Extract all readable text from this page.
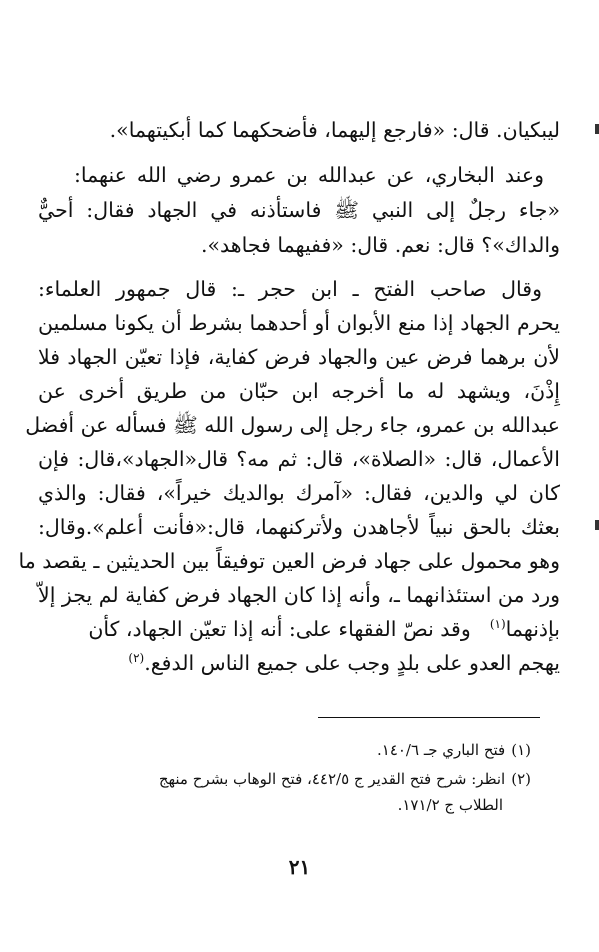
ليبكيان. قال: «فارجع إليهما، فأضحكهما كما أبكيتهما».
وعند البخاري، عن عبدالله بن عمرو رضي الله عنهما:
«جاء رجلٌ إلى النبي ﷺ فاستأذنه في الجهاد فقال: أحيٌّ
والداك»؟ قال: نعم. قال: «ففيهما فجاهد».
وقال صاحب الفتح ـ ابن حجر ـ: قال جمهور العلماء:
يحرم الجهاد إذا منع الأبوان أو أحدهما بشرط أن يكونا مسلمين
لأن برهما فرض عين والجهاد فرض كفاية، فإذا تعيّن الجهاد فلا
إِذْنَ، ويشهد له ما أخرجه ابن حبّان من طريق أخرى عن
عبدالله بن عمرو، جاء رجل إلى رسول الله ﷺ فسأله عن أفضل
الأعمال، قال: «الصلاة»، قال: ثم مه؟ قال«الجهاد»،قال: فإن
كان لي والدين، فقال: «آمرك بوالديك خيراً»، فقال: والذي
بعثك بالحق نبياً لأجاهدن ولأتركنهما، قال:«فأنت أعلم».وقال:
وهو محمول على جهاد فرض العين توفيقاً بين الحديثين ـ يقصد ما
ورد من استئذانهما ـ، وأنه إذا كان الجهاد فرض كفاية لم يجز إلاّ
بإذنهما$^{(١)}$  وقد نصّ الفقهاء على: أنه إذا تعيّن الجهاد، كأن
يهجم العدو على بلدٍ وجب على جميع الناس الدفع.$^{(٢)}$
(١)فتح الباري جـ ١٤٠/٦.
(٢)انظر: شرح فتح القدير ج ٤٤٢/٥، فتح الوهاب بشرح منهج
الطلاب ج ١٧١/٢.
٢١
